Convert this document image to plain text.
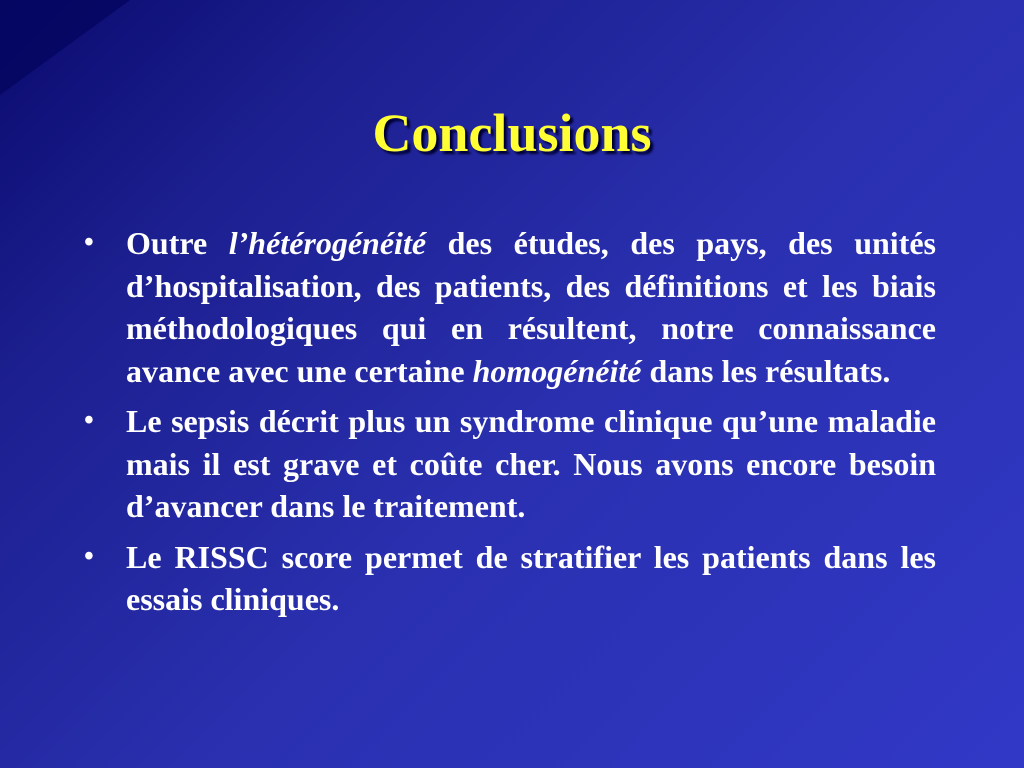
Conclusions
• Outre l’hétérogénéité des études, des pays, des unités d’hospitalisation, des patients, des définitions et les biais méthodologiques qui en résultent, notre connaissance avance avec une certaine homogénéité dans les résultats.
• Le sepsis décrit plus un syndrome clinique qu’une maladie mais il est grave et coûte cher. Nous avons encore besoin d’avancer dans le traitement.
• Le RISSC score permet de stratifier les patients dans les essais cliniques.
